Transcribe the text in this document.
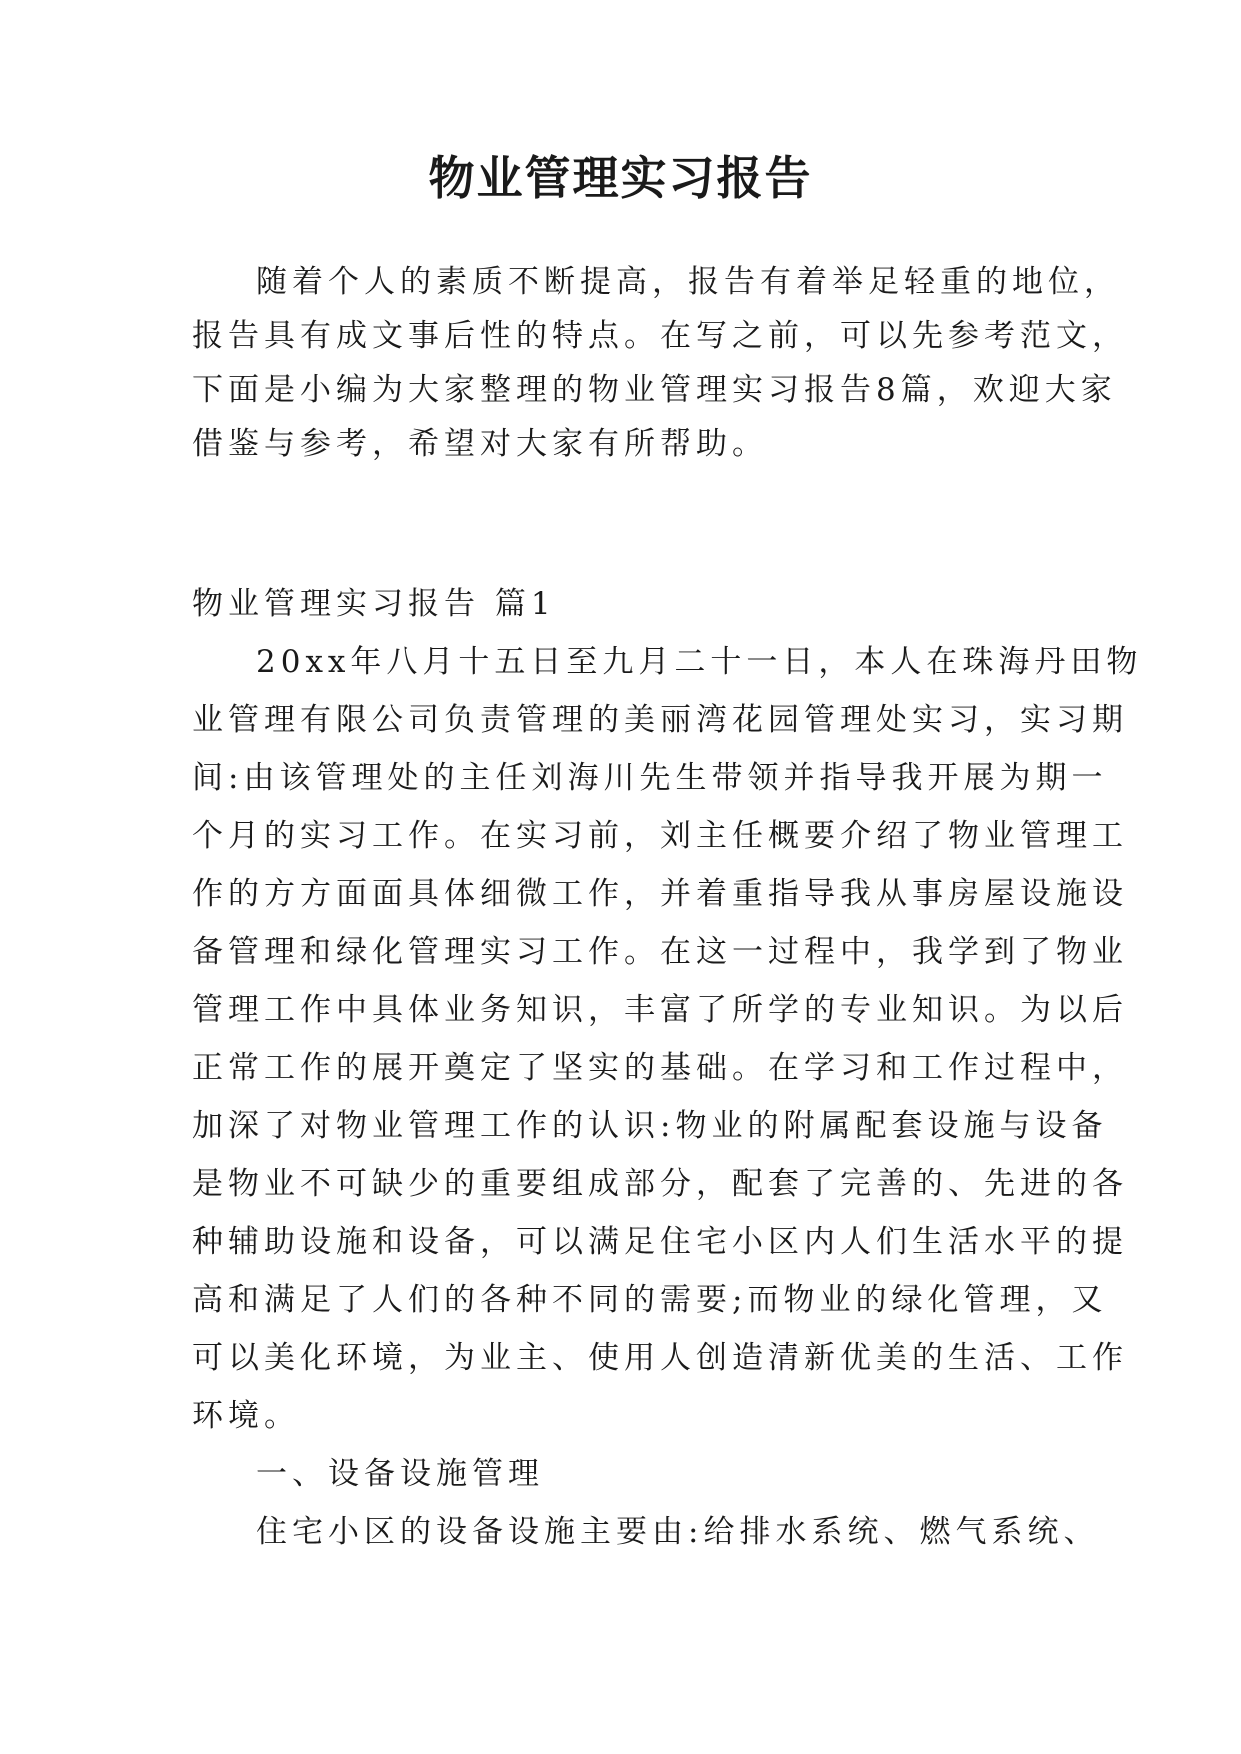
物业管理实习报告
随着个人的素质不断提高，报告有着举足轻重的地位，
报告具有成文事后性的特点。在写之前，可以先参考范文，
下面是小编为大家整理的物业管理实习报告8篇，欢迎大家
借鉴与参考，希望对大家有所帮助。
物业管理实习报告 篇1
20xx年八月十五日至九月二十一日，本人在珠海丹田物
业管理有限公司负责管理的美丽湾花园管理处实习，实习期
间:由该管理处的主任刘海川先生带领并指导我开展为期一
个月的实习工作。在实习前，刘主任概要介绍了物业管理工
作的方方面面具体细微工作，并着重指导我从事房屋设施设
备管理和绿化管理实习工作。在这一过程中，我学到了物业
管理工作中具体业务知识，丰富了所学的专业知识。为以后
正常工作的展开奠定了坚实的基础。在学习和工作过程中，
加深了对物业管理工作的认识:物业的附属配套设施与设备
是物业不可缺少的重要组成部分，配套了完善的、先进的各
种辅助设施和设备，可以满足住宅小区内人们生活水平的提
高和满足了人们的各种不同的需要;而物业的绿化管理，又
可以美化环境，为业主、使用人创造清新优美的生活、工作
环境。
一、设备设施管理
住宅小区的设备设施主要由:给排水系统、燃气系统、
